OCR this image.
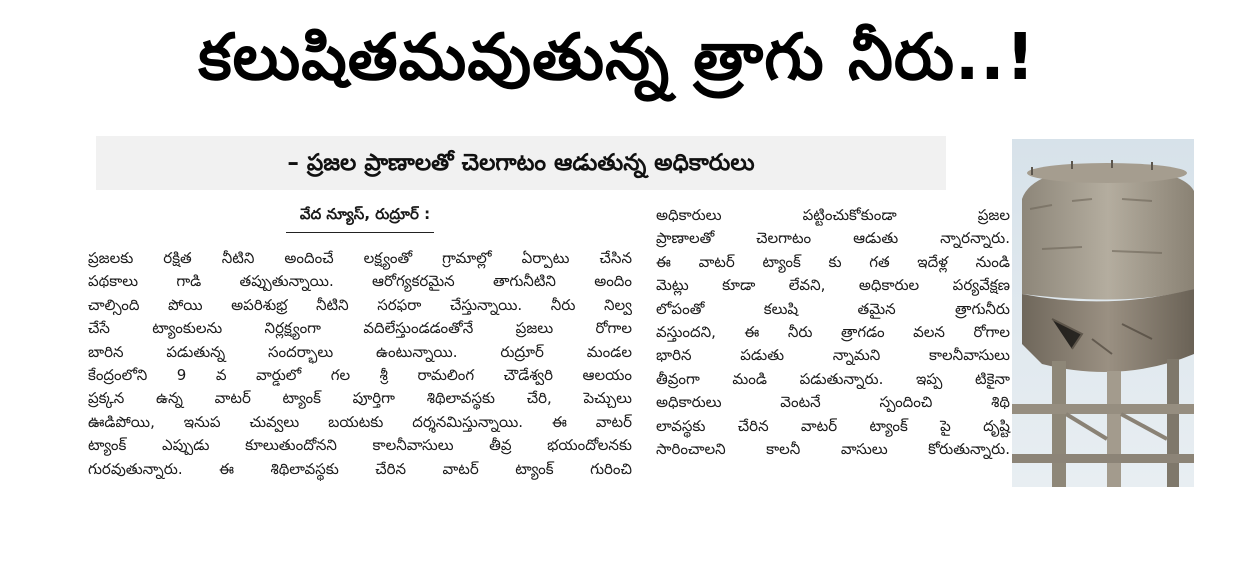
కలుషితమవుతున్న త్రాగు నీరు..!
– ప్రజల ప్రాణాలతో చెలగాటం ఆడుతున్న అధికారులు
వేద న్యూస్, రుద్రూర్ :

ప్రజలకు రక్షిత నీటిని అందించే లక్ష్యంతో గ్రామాల్లో ఏర్పాటు చేసిన

పథకాలు గాడి తప్పుతున్నాయి. ఆరోగ్యకరమైన తాగునీటిని అందిం

చాల్సింది పోయి అపరిశుభ్ర నీటిని సరఫరా చేస్తున్నాయి. నీరు నిల్వ

చేసే ట్యాంకులను నిర్లక్ష్యంగా వదిలేస్తుండడంతోనే ప్రజలు రోగాల

బారిన పడుతున్న సందర్భాలు ఉంటున్నాయి. రుద్రూర్ మండల

కేంద్రంలోని 9 వ వార్డులో గల శ్రీ రామలింగ చౌడేశ్వరి ఆలయం

ప్రక్కన ఉన్న వాటర్ ట్యాంక్ పూర్తిగా శిథిలావస్థకు చేరి, పెచ్చులు

ఊడిపోయి, ఇనుప చువ్వలు బయటకు దర్శనమిస్తున్నాయి. ఈ వాటర్

ట్యాంక్ ఎప్పుడు కూలుతుందోనని కాలనీవాసులు తీవ్ర భయందోలనకు

గురవుతున్నారు. ఈ శిథిలావస్థకు చేరిన వాటర్ ట్యాంక్ గురించి

అధికారులు పట్టించుకోకుండా ప్రజల

ప్రాణాలతో చెలగాటం ఆడుతు న్నారన్నారు.

ఈ వాటర్ ట్యాంక్ కు గత ఇదేళ్ల నుండి

మెట్లు కూడా లేవని, అధికారుల పర్యవేక్షణ

లోపంతో కలుషి తమైన త్రాగునీరు

వస్తుందని, ఈ నీరు త్రాగడం వలన రోగాల

భారిన పడుతు న్నామని కాలనీవాసులు

తీవ్రంగా మండి పడుతున్నారు. ఇప్ప టికైనా

అధికారులు వెంటనే స్పందించి శిథి

లావస్థకు చేరిన వాటర్ ట్యాంక్ పై దృష్టి

సారించాలని కాలనీ వాసులు కోరుతున్నారు.
